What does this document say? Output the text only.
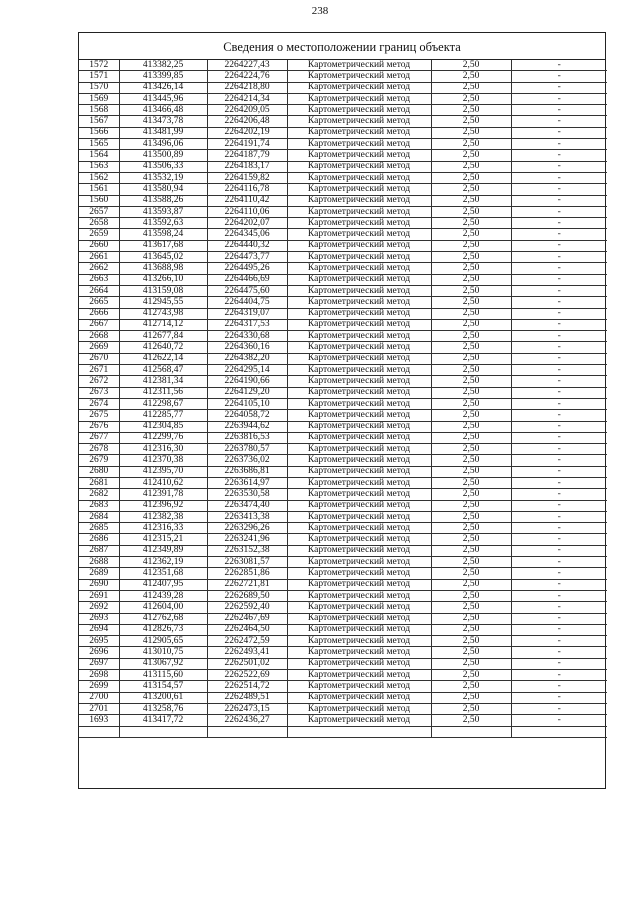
238
Сведения о местоположении границ объекта
1572	413382,25	2264227,43	Картометрический метод	2,50	-
1571	413399,85	2264224,76	Картометрический метод	2,50	-
1570	413426,14	2264218,80	Картометрический метод	2,50	-
1569	413445,96	2264214,34	Картометрический метод	2,50	-
1568	413466,48	2264209,05	Картометрический метод	2,50	-
1567	413473,78	2264206,48	Картометрический метод	2,50	-
1566	413481,99	2264202,19	Картометрический метод	2,50	-
1565	413496,06	2264191,74	Картометрический метод	2,50	-
1564	413500,89	2264187,79	Картометрический метод	2,50	-
1563	413506,33	2264183,17	Картометрический метод	2,50	-
1562	413532,19	2264159,82	Картометрический метод	2,50	-
1561	413580,94	2264116,78	Картометрический метод	2,50	-
1560	413588,26	2264110,42	Картометрический метод	2,50	-
2657	413593,87	2264110,06	Картометрический метод	2,50	-
2658	413592,63	2264202,07	Картометрический метод	2,50	-
2659	413598,24	2264345,06	Картометрический метод	2,50	-
2660	413617,68	2264440,32	Картометрический метод	2,50	-
2661	413645,02	2264473,77	Картометрический метод	2,50	-
2662	413688,98	2264495,26	Картометрический метод	2,50	-
2663	413266,10	2264466,69	Картометрический метод	2,50	-
2664	413159,08	2264475,60	Картометрический метод	2,50	-
2665	412945,55	2264404,75	Картометрический метод	2,50	-
2666	412743,98	2264319,07	Картометрический метод	2,50	-
2667	412714,12	2264317,53	Картометрический метод	2,50	-
2668	412677,84	2264330,68	Картометрический метод	2,50	-
2669	412640,72	2264360,16	Картометрический метод	2,50	-
2670	412622,14	2264382,20	Картометрический метод	2,50	-
2671	412568,47	2264295,14	Картометрический метод	2,50	-
2672	412381,34	2264190,66	Картометрический метод	2,50	-
2673	412311,56	2264129,20	Картометрический метод	2,50	-
2674	412298,67	2264105,10	Картометрический метод	2,50	-
2675	412285,77	2264058,72	Картометрический метод	2,50	-
2676	412304,85	2263944,62	Картометрический метод	2,50	-
2677	412299,76	2263816,53	Картометрический метод	2,50	-
2678	412316,30	2263780,57	Картометрический метод	2,50	-
2679	412370,38	2263736,02	Картометрический метод	2,50	-
2680	412395,70	2263686,81	Картометрический метод	2,50	-
2681	412410,62	2263614,97	Картометрический метод	2,50	-
2682	412391,78	2263530,58	Картометрический метод	2,50	-
2683	412396,92	2263474,40	Картометрический метод	2,50	-
2684	412382,38	2263413,38	Картометрический метод	2,50	-
2685	412316,33	2263296,26	Картометрический метод	2,50	-
2686	412315,21	2263241,96	Картометрический метод	2,50	-
2687	412349,89	2263152,38	Картометрический метод	2,50	-
2688	412362,19	2263081,57	Картометрический метод	2,50	-
2689	412351,68	2262851,86	Картометрический метод	2,50	-
2690	412407,95	2262721,81	Картометрический метод	2,50	-
2691	412439,28	2262689,50	Картометрический метод	2,50	-
2692	412604,00	2262592,40	Картометрический метод	2,50	-
2693	412762,68	2262467,69	Картометрический метод	2,50	-
2694	412826,73	2262464,50	Картометрический метод	2,50	-
2695	412905,65	2262472,59	Картометрический метод	2,50	-
2696	413010,75	2262493,41	Картометрический метод	2,50	-
2697	413067,92	2262501,02	Картометрический метод	2,50	-
2698	413115,60	2262522,69	Картометрический метод	2,50	-
2699	413154,57	2262514,72	Картометрический метод	2,50	-
2700	413200,61	2262489,51	Картометрический метод	2,50	-
2701	413258,76	2262473,15	Картометрический метод	2,50	-
1693	413417,72	2262436,27	Картометрический метод	2,50	-
